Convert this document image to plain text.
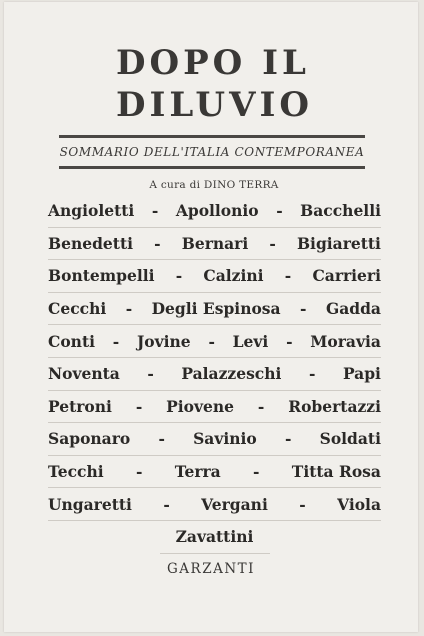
DOPO IL
DILUVIO
SOMMARIO DELL'ITALIA CONTEMPORANEA
A cura di DINO TERRA
Angioletti - Apollonio - Bacchelli
Benedetti - Bernari - Bigiaretti
Bontempelli - Calzini - Carrieri
Cecchi - Degli Espinosa - Gadda
Conti - Jovine - Levi - Moravia
Noventa - Palazzeschi - Papi
Petroni - Piovene - Robertazzi
Saponaro - Savinio - Soldati
Tecchi - Terra - Titta Rosa
Ungaretti - Vergani - Viola
Zavattini
GARZANTI
